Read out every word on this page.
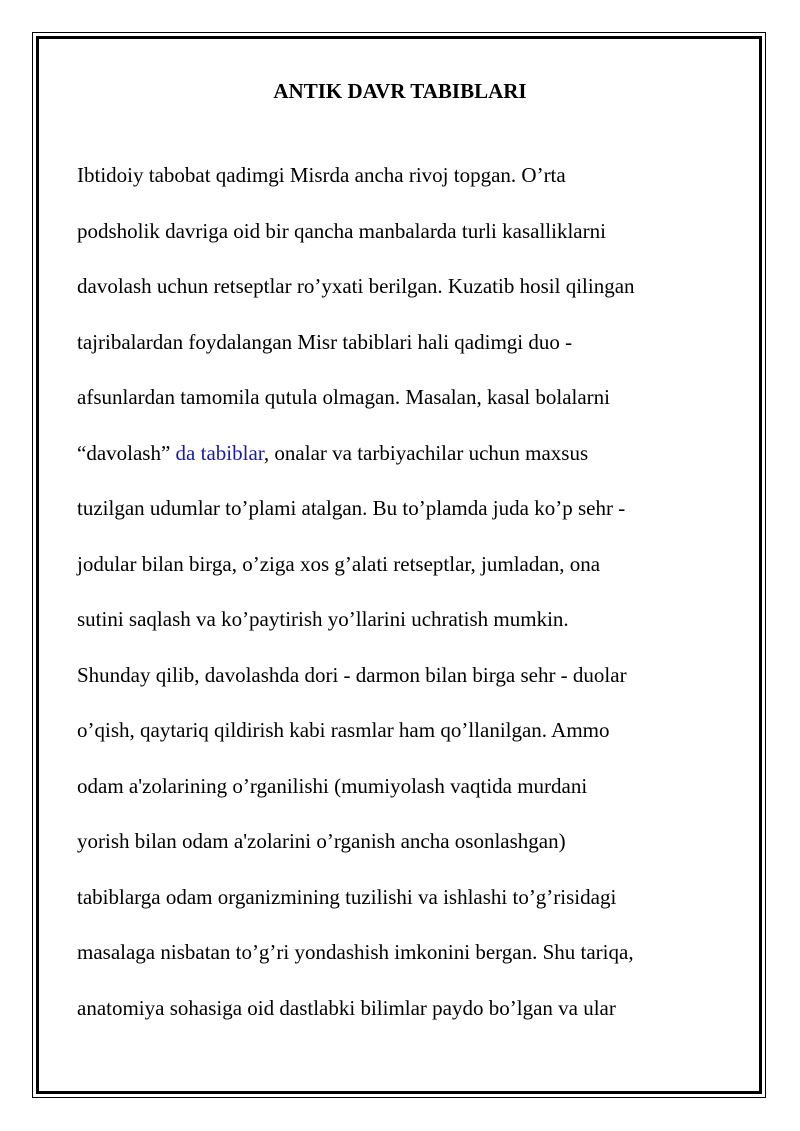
ANTIK DAVR TABIBLARI
Ibtidoiy tabobat qadimgi Misrda ancha rivoj topgan. O’rta
podsholik davriga oid bir qancha manbalarda turli kasalliklarni
davolash uchun retseptlar ro’yxati berilgan. Kuzatib hosil qilingan
tajribalardan foydalangan Misr tabiblari hali qadimgi duo -
afsunlardan tamomila qutula olmagan. Masalan, kasal bolalarni
“davolash” da tabiblar, onalar va tarbiyachilar uchun maxsus
tuzilgan udumlar to’plami atalgan. Bu to’plamda juda ko’p sehr -
jodular bilan birga, o’ziga xos g’alati retseptlar, jumladan, ona
sutini saqlash va ko’paytirish yo’llarini uchratish mumkin.
Shunday qilib, davolashda dori - darmon bilan birga sehr - duolar
o’qish, qaytariq qildirish kabi rasmlar ham qo’llanilgan. Ammo
odam a'zolarining o’rganilishi (mumiyolash vaqtida murdani
yorish bilan odam a'zolarini o’rganish ancha osonlashgan)
tabiblarga odam organizmining tuzilishi va ishlashi to’g’risidagi
masalaga nisbatan to’g’ri yondashish imkonini bergan. Shu tariqa,
anatomiya sohasiga oid dastlabki bilimlar paydo bo’lgan va ular
